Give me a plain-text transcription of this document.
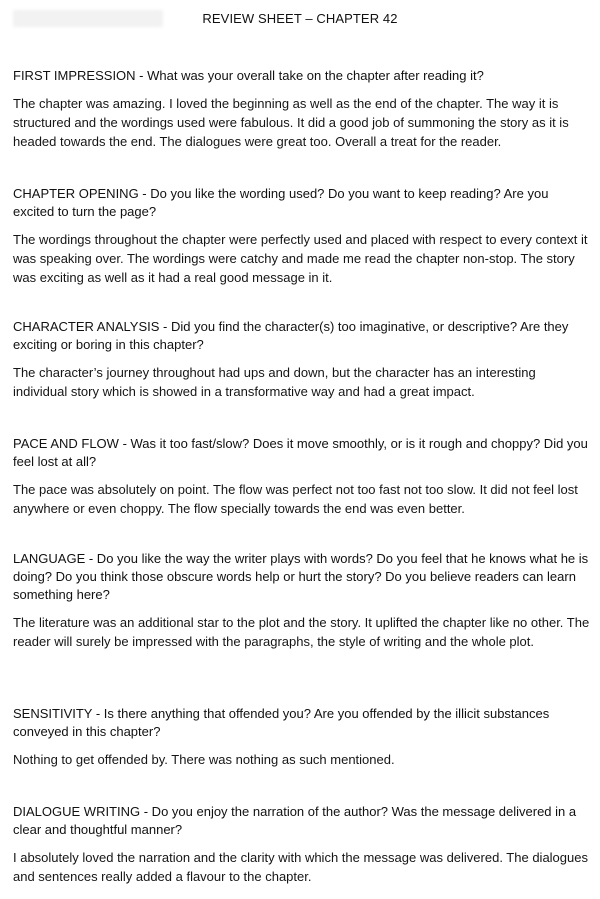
REVIEW SHEET – CHAPTER 42

FIRST IMPRESSION - What was your overall take on the chapter after reading it?

The chapter was amazing. I loved the beginning as well as the end of the chapter. The way it is structured and the wordings used were fabulous. It did a good job of summoning the story as it is headed towards the end. The dialogues were great too. Overall a treat for the reader.

CHAPTER OPENING - Do you like the wording used? Do you want to keep reading? Are you excited to turn the page?

The wordings throughout the chapter were perfectly used and placed with respect to every context it was speaking over. The wordings were catchy and made me read the chapter non-stop. The story was exciting as well as it had a real good message in it.

CHARACTER ANALYSIS - Did you find the character(s) too imaginative, or descriptive? Are they exciting or boring in this chapter?

The character’s journey throughout had ups and down, but the character has an interesting individual story which is showed in a transformative way and had a great impact.

PACE AND FLOW - Was it too fast/slow? Does it move smoothly, or is it rough and choppy? Did you feel lost at all?

The pace was absolutely on point. The flow was perfect not too fast not too slow. It did not feel lost anywhere or even choppy. The flow specially towards the end was even better.

LANGUAGE - Do you like the way the writer plays with words? Do you feel that he knows what he is doing? Do you think those obscure words help or hurt the story? Do you believe readers can learn something here?

The literature was an additional star to the plot and the story. It uplifted the chapter like no other. The reader will surely be impressed with the paragraphs, the style of writing and the whole plot.

SENSITIVITY - Is there anything that offended you? Are you offended by the illicit substances conveyed in this chapter?

Nothing to get offended by. There was nothing as such mentioned.

DIALOGUE WRITING - Do you enjoy the narration of the author? Was the message delivered in a clear and thoughtful manner?

I absolutely loved the narration and the clarity with which the message was delivered. The dialogues and sentences really added a flavour to the chapter.
